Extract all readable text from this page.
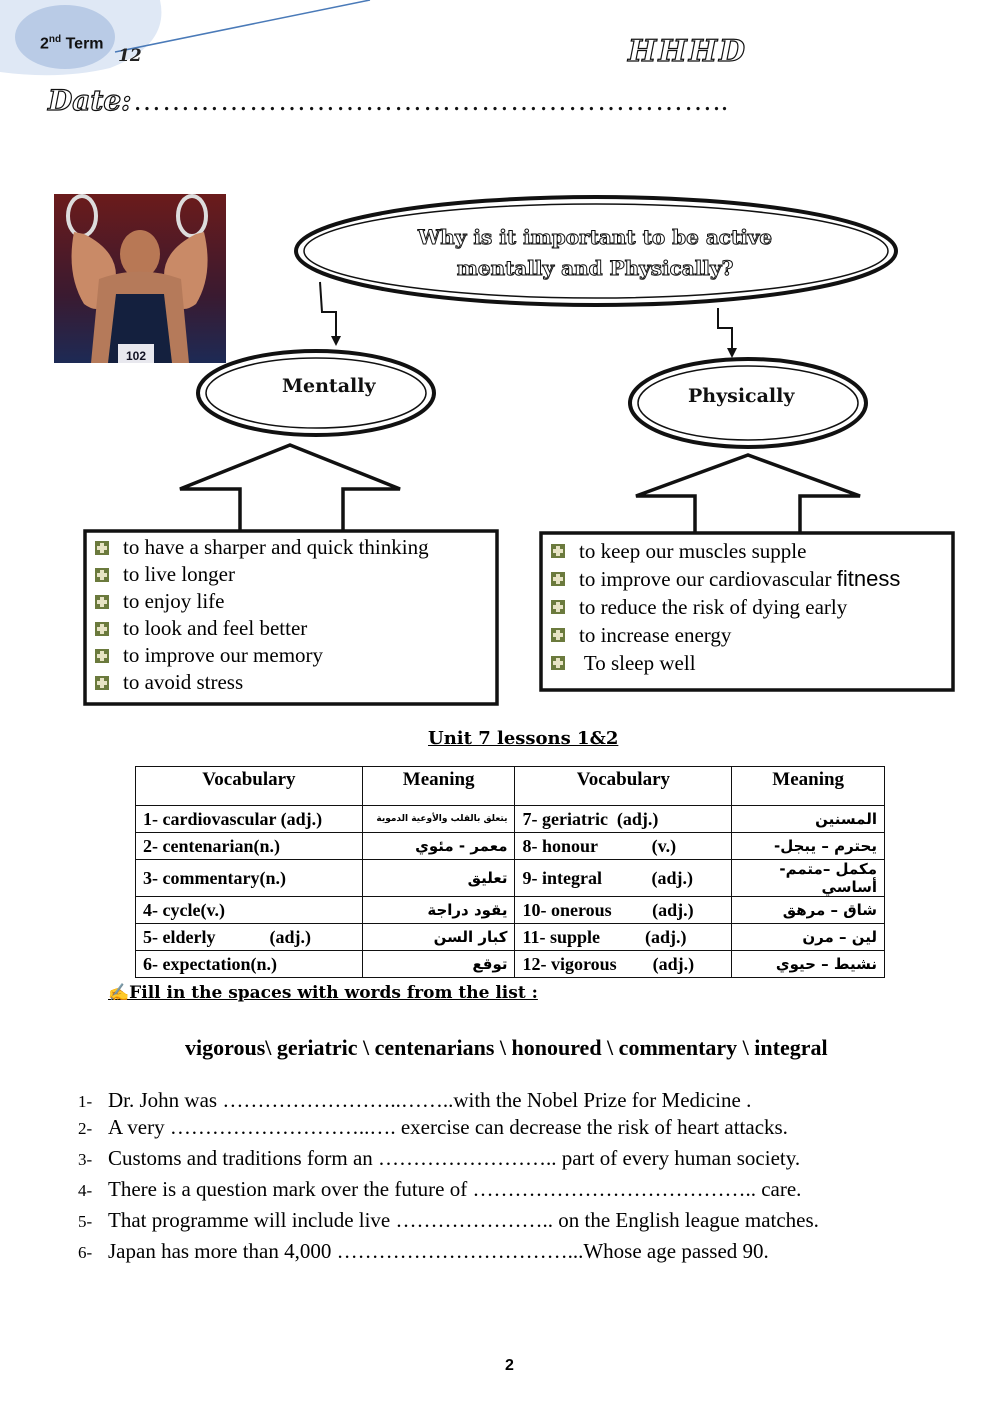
2nd Term
12	HHHD
Date: ……………………………………………………..
102
Why is it important to be active
mentally and Physically?
Mentally	Physically
to have a sharper and quick thinking
to live longer
to enjoy life
to look and feel better
to improve our memory
to avoid stress
to keep our muscles supple
to improve our cardiovascular
fitness
to reduce the risk of dying early
to increase energy
To sleep well
Unit 7 lessons 1&2
Vocabulary	Meaning	Vocabulary	Meaning
1- cardiovascular (adj.)	يتعلق بالقلب والأوعية الدموية	7- geriatric  (adj.)	المسنين
2- centenarian(n.)	معمر - مئوي	8- honour            (v.)	يحترم – يبجل-
3- commentary(n.)	تعليق	9- integral           (adj.)	مكمل –متمم-أساسي
4- cycle(v.)	يقود دراجة	10- onerous         (adj.)	شاق – مرهق
5- elderly            (adj.)	كبار السن	11- supple          (adj.)	لين – مرن
6- expectation(n.)	توقع	12- vigorous        (adj.)	نشيط – حيوي
✍Fill in the spaces with words from the list :
vigorous\ geriatric \ centenarians \ honoured \ commentary \ integral
1- Dr. John was ……………………..……..with the Nobel Prize for Medicine .
2- A very ………………………..…. exercise can decrease the risk of heart attacks.
3- Customs and traditions form an …………………….. part of every human society.
4- There is a question mark over the future of ………………………………….. care.
5- That programme will include live ………………….. on the English league matches.
6- Japan has more than 4,000 ……………………………...Whose age passed 90.
2
